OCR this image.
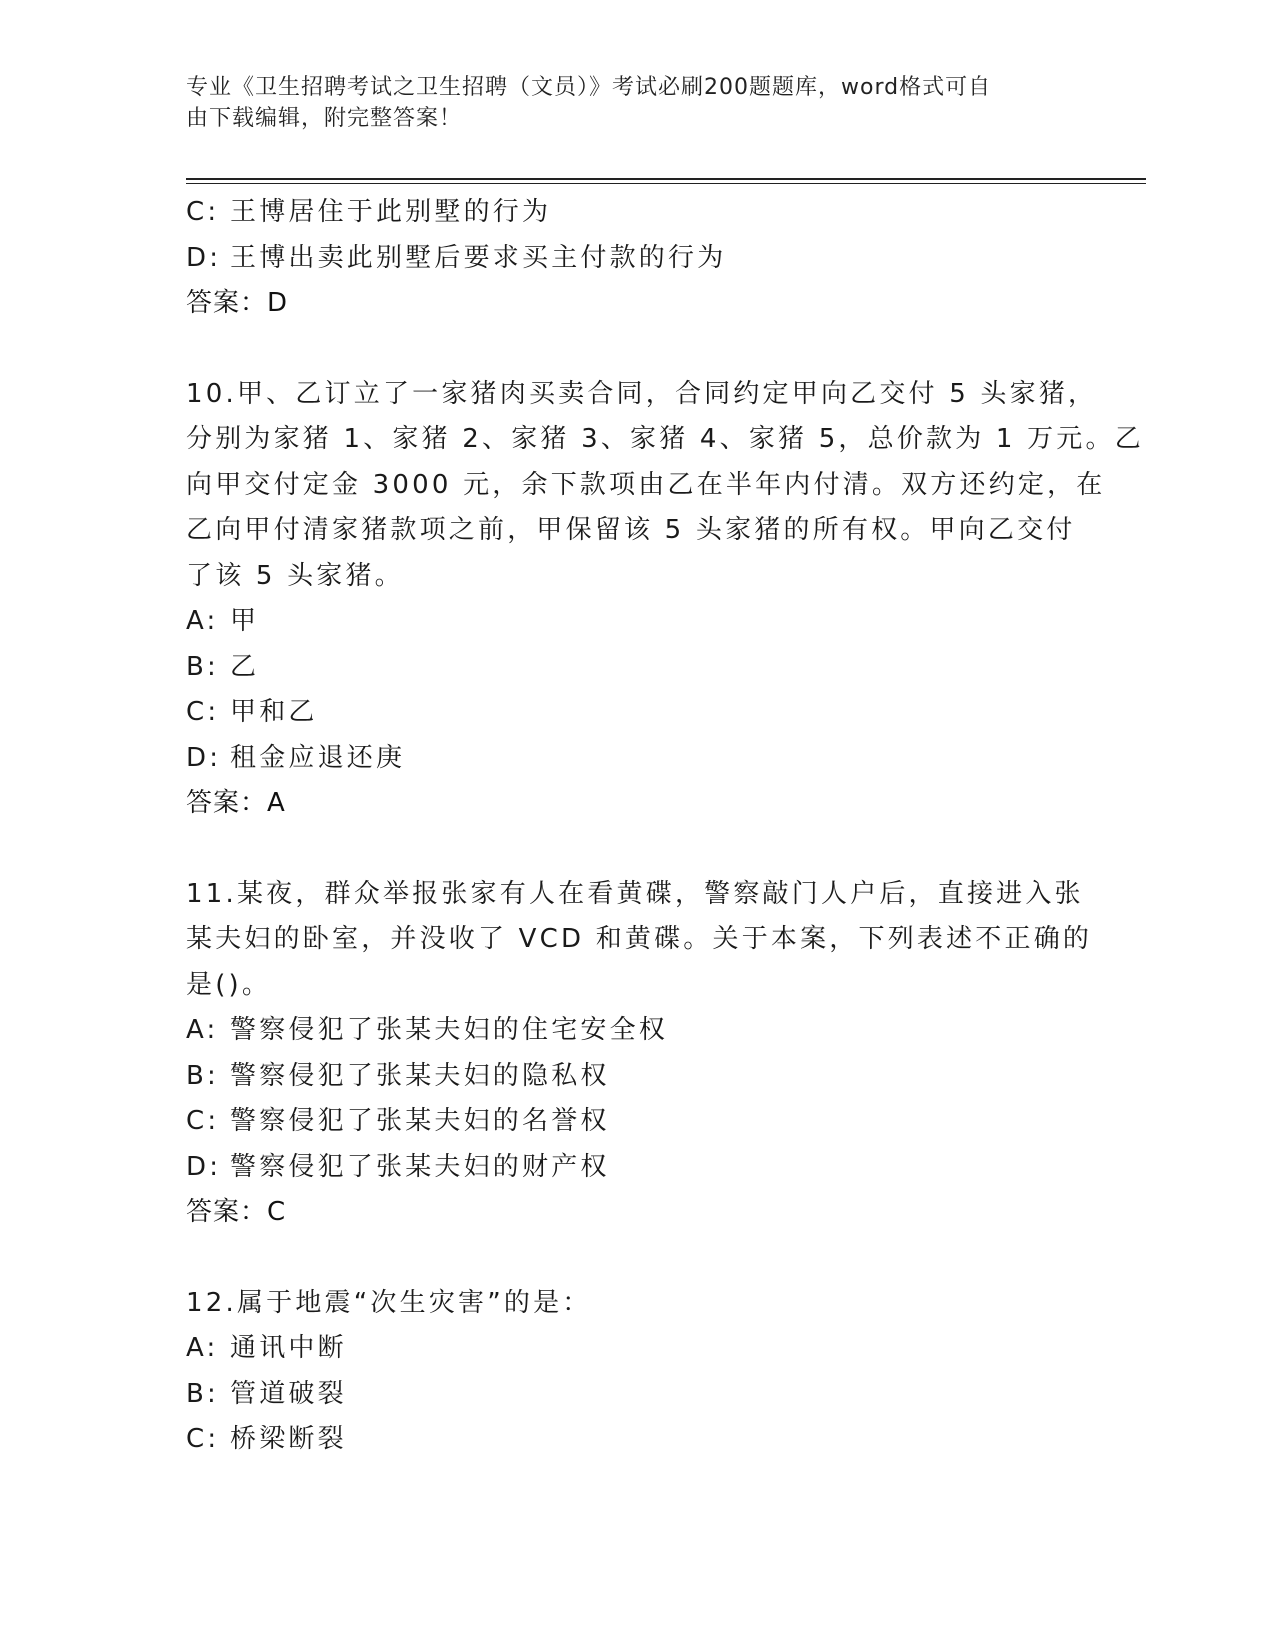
专业《卫生招聘考试之卫生招聘（文员）》考试必刷200题题库，word格式可自
由下载编辑，附完整答案！
C: 王博居住于此别墅的行为
D: 王博出卖此别墅后要求买主付款的行为
答案：D
10.甲、乙订立了一家猪肉买卖合同，合同约定甲向乙交付 5 头家猪，
分别为家猪 1、家猪 2、家猪 3、家猪 4、家猪 5，总价款为 1 万元。乙
向甲交付定金 3000 元，余下款项由乙在半年内付清。双方还约定，在
乙向甲付清家猪款项之前，甲保留该 5 头家猪的所有权。甲向乙交付
了该 5 头家猪。
A: 甲
B: 乙
C: 甲和乙
D: 租金应退还庚
答案：A
11.某夜，群众举报张家有人在看黄碟，警察敲门人户后，直接进入张
某夫妇的卧室，并没收了 VCD 和黄碟。关于本案，下列表述不正确的
是()。
A: 警察侵犯了张某夫妇的住宅安全权
B: 警察侵犯了张某夫妇的隐私权
C: 警察侵犯了张某夫妇的名誉权
D: 警察侵犯了张某夫妇的财产权
答案：C
12.属于地震“次生灾害”的是：
A: 通讯中断
B: 管道破裂
C: 桥梁断裂
